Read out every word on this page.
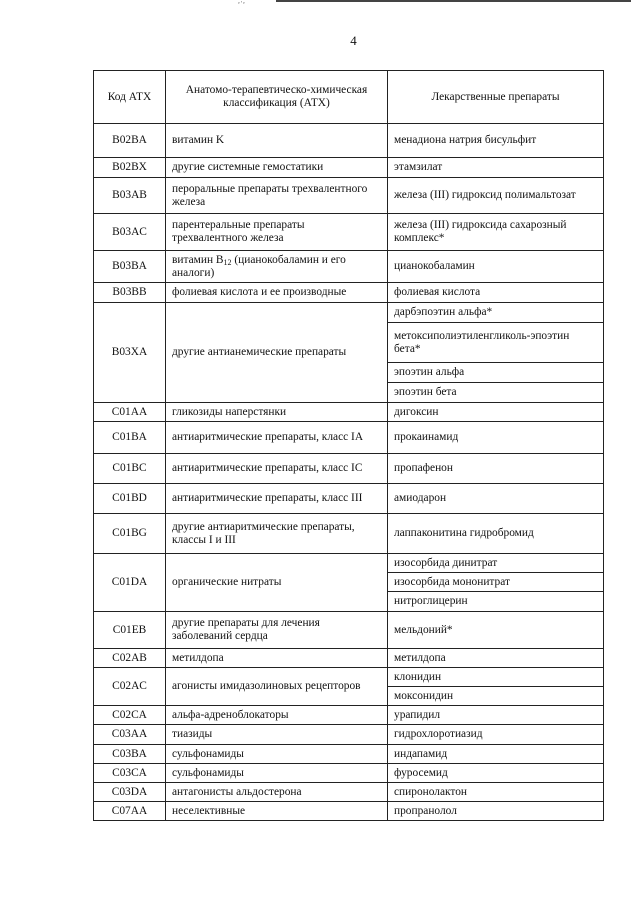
ᵉ'ᵉ
4
Код АТХ	Анатомо-терапевтическо-химическая классификация (АТХ)	Лекарственные препараты
B02BA	витамин K	менадиона натрия бисульфит
B02BX	другие системные гемостатики	этамзилат
B03AB	пероральные препараты трехвалентного железа	железа (III) гидроксид полимальтозат
B03AC	парентеральные препараты трехвалентного железа	железа (III) гидроксида сахарозный комплекс*
B03BA	витамин $B_{12}$ (цианокобаламин и его аналоги)	цианокобаламин
B03BB	фолиевая кислота и ее производные	фолиевая кислота
B03XA	другие антианемические препараты	дарбэпоэтин альфа*
		метоксиполиэтиленгликоль-эпоэтин бета*
		эпоэтин альфа
		эпоэтин бета
C01AA	гликозиды наперстянки	дигоксин
C01BA	антиаритмические препараты, класс IA	прокаинамид
C01BC	антиаритмические препараты, класс IC	пропафенон
C01BD	антиаритмические препараты, класс III	амиодарон
C01BG	другие антиаритмические препараты, классы I и III	лаппаконитина гидробромид
C01DA	органические нитраты	изосорбида динитрат
		изосорбида мононитрат
		нитроглицерин
C01EB	другие препараты для лечения заболеваний сердца	мельдоний*
C02AB	метилдопа	метилдопа
C02AC	агонисты имидазолиновых рецепторов	клонидин
		моксонидин
C02CA	альфа-адреноблокаторы	урапидил
C03AA	тиазиды	гидрохлоротиазид
C03BA	сульфонамиды	индапамид
C03CA	сульфонамиды	фуросемид
C03DA	антагонисты альдостерона	спиронолактон
C07AA	неселективные	пропранолол
